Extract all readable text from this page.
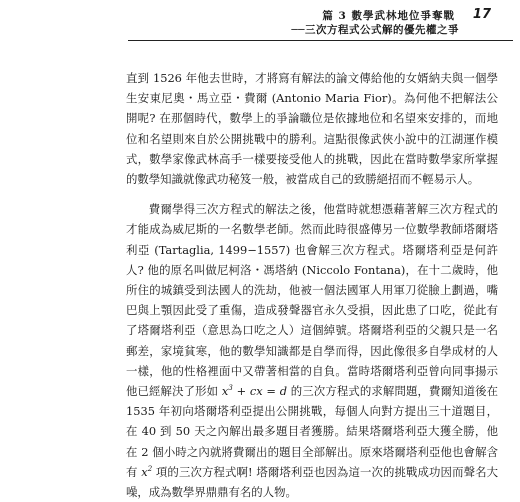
篇 3 數學武林地位爭奪戰
──三次方程式公式解的優先權之爭
17

直到 1526 年他去世時，才將寫有解法的論文傳給他的女婿納夫與一個學生安東尼奧・馬立亞・費爾 (Antonio Maria Fior)。為何他不把解法公開呢? 在那個時代，數學上的爭論職位是依據地位和名望來安排的，而地位和名望則來自於公開挑戰中的勝利。這點很像武俠小說中的江湖運作模式，數學家像武林高手一樣要接受他人的挑戰，因此在當時數學家所掌握的數學知識就像武功秘笈一般，被當成自己的致勝絕招而不輕易示人。

費爾學得三次方程式的解法之後，他當時就想憑藉著解三次方程式的才能成為威尼斯的一名數學老師。然而此時很盛傳另一位數學教師塔爾塔利亞 (Tartaglia, 1499−1557) 也會解三次方程式。塔爾塔利亞是何許人? 他的原名叫做尼柯洛・馮塔納 (Niccolo Fontana)，在十二歲時，他所住的城鎮受到法國人的洗劫，他被一個法國軍人用軍刀從臉上劃過，嘴巴與上顎因此受了重傷，造成發聲器官永久受損，因此患了口吃，從此有了塔爾塔利亞（意思為口吃之人）這個綽號。塔爾塔利亞的父親只是一名郵差，家境貧寒，他的數學知識都是自學而得，因此像很多自學成材的人一樣，他的性格裡面中又帶著相當的自負。當時塔爾塔利亞曾向同事揚示他已經解決了形如 $x^3$ + cx = d 的三次方程式的求解問題，費爾知道後在 1535 年初向塔爾塔利亞提出公開挑戰，每個人向對方提出三十道題目，在 40 到 50 天之內解出最多題目者獲勝。結果塔爾塔利亞大獲全勝，他在 2 個小時之內就將費爾出的題目全部解出。原來塔爾塔利亞他也會解含有 $x^2$ 項的三次方程式啊! 塔爾塔利亞也因為這一次的挑戰成功因而聲名大噪，成為數學界鼎鼎有名的人物。
